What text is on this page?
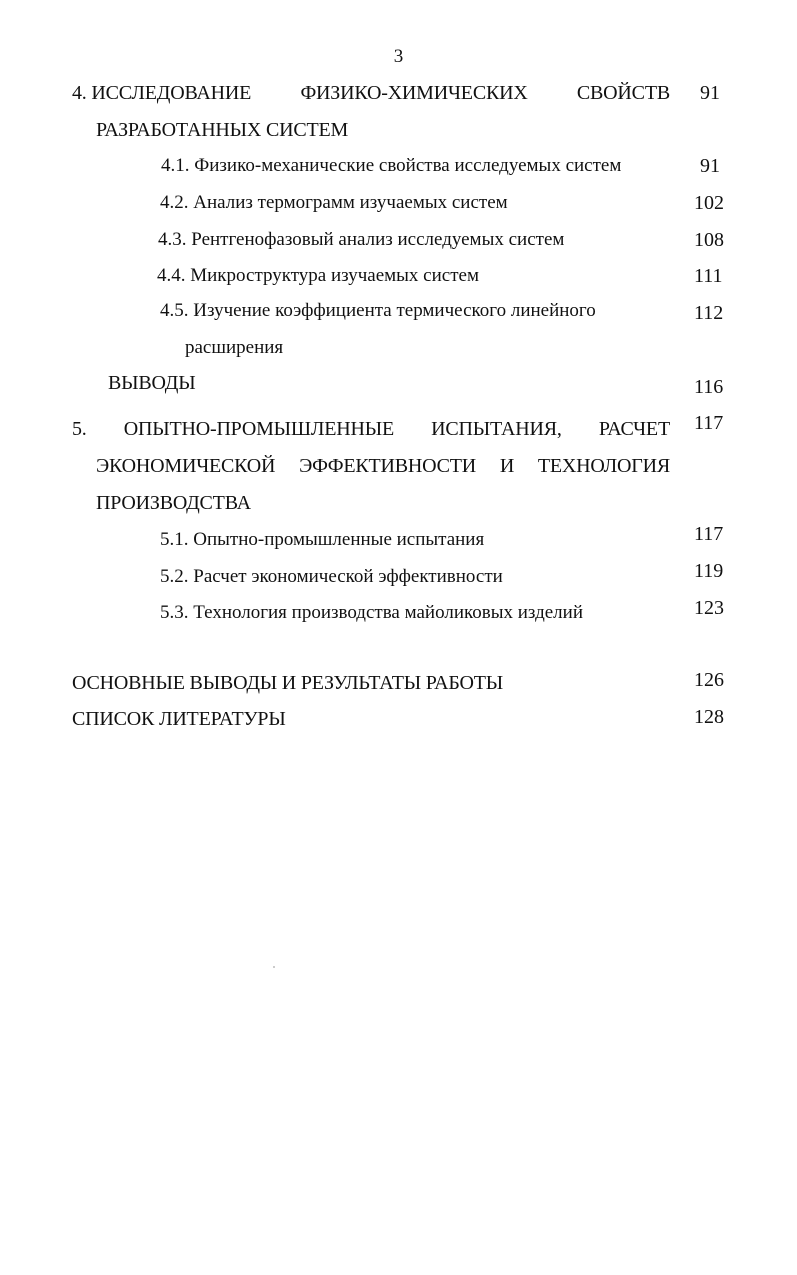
3
4. ИССЛЕДОВАНИЕ ФИЗИКО-ХИМИЧЕСКИХ СВОЙСТВ 91
РАЗРАБОТАННЫХ СИСТЕМ
4.1. Физико-механические свойства исследуемых систем	91
4.2. Анализ термограмм изучаемых систем	102
4.3. Рентгенофазовый анализ исследуемых систем	108
4.4. Микроструктура изучаемых систем	111
4.5. Изучение коэффициента термического линейного	112
расширения
ВЫВОДЫ	116
5. ОПЫТНО-ПРОМЫШЛЕННЫЕ ИСПЫТАНИЯ, РАСЧЕТ 117
ЭКОНОМИЧЕСКОЙ ЭФФЕКТИВНОСТИ И ТЕХНОЛОГИЯ
ПРОИЗВОДСТВА
5.1. Опытно-промышленные испытания	117
5.2. Расчет экономической эффективности	119
5.3. Технология производства майоликовых изделий	123
ОСНОВНЫЕ ВЫВОДЫ И РЕЗУЛЬТАТЫ РАБОТЫ	126
СПИСОК ЛИТЕРАТУРЫ	128
